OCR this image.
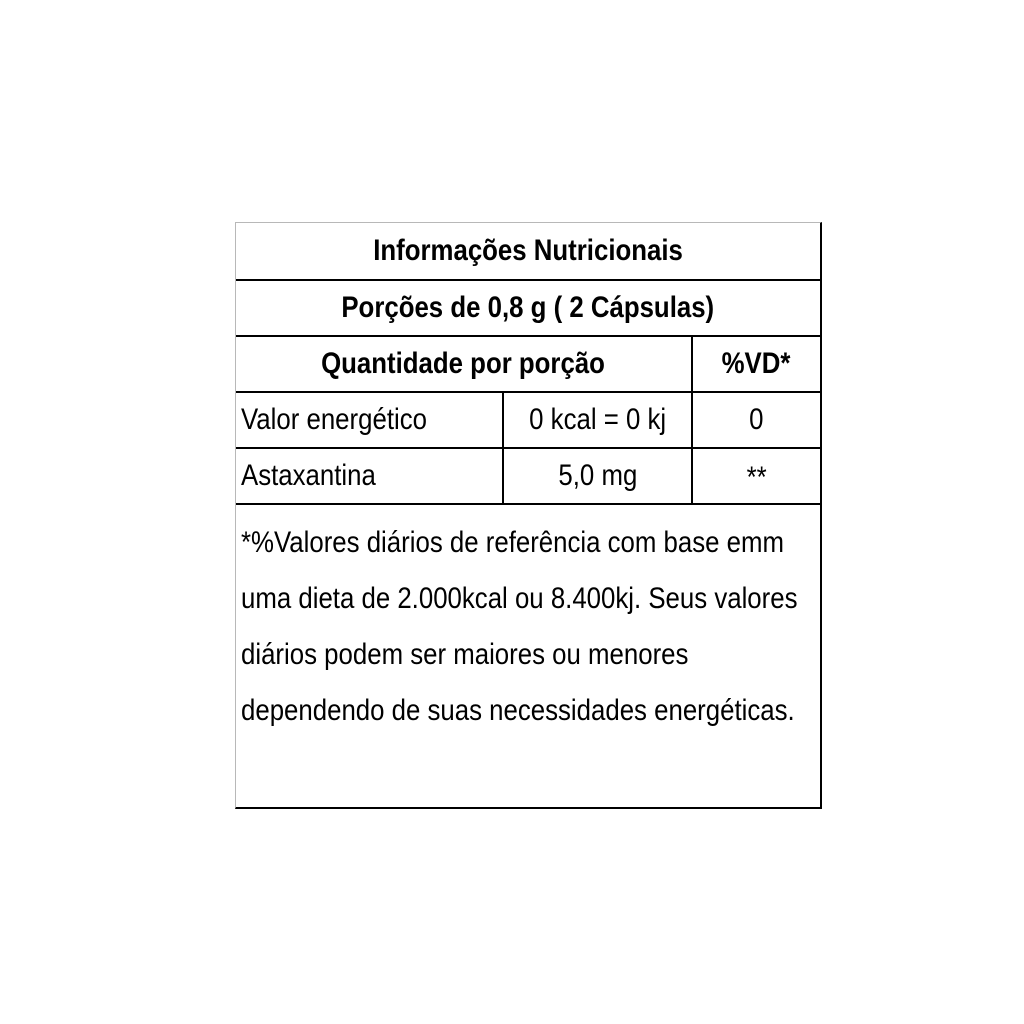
Informações Nutricionais
Porções de 0,8 g ( 2 Cápsulas)
Quantidade por porção	%VD*
Valor energético	0 kcal = 0 kj	0
Astaxantina	5,0 mg	**
*%Valores diários de referência com base emm uma dieta de 2.000kcal ou 8.400kj. Seus valores diários podem ser maiores ou menores dependendo de suas necessidades energéticas.
